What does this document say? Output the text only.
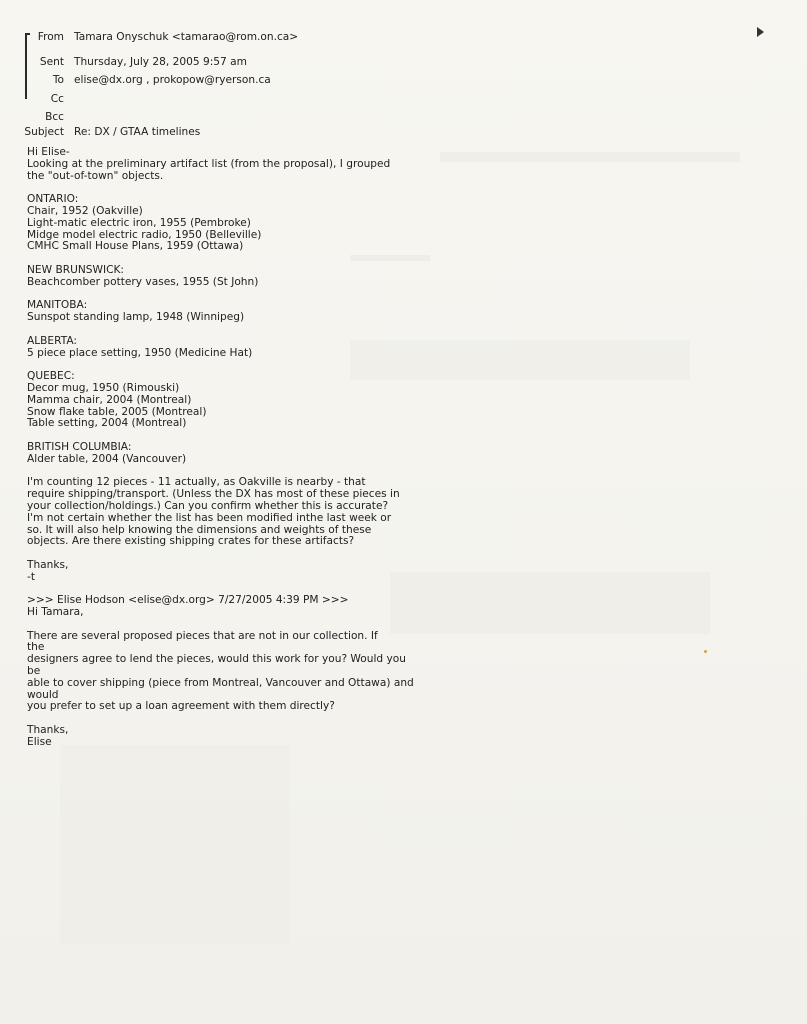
From Tamara Onyschuk <tamarao@rom.on.ca>
Sent Thursday, July 28, 2005 9:57 am
To elise@dx.org , prokopow@ryerson.ca
Cc
Bcc
Subject Re: DX / GTAA timelines
Hi Elise-
Looking at the preliminary artifact list (from the proposal), I grouped
the "out-of-town" objects.
ONTARIO:
Chair, 1952 (Oakville)
Light-matic electric iron, 1955 (Pembroke)
Midge model electric radio, 1950 (Belleville)
CMHC Small House Plans, 1959 (Ottawa)
NEW BRUNSWICK:
Beachcomber pottery vases, 1955 (St John)
MANITOBA:
Sunspot standing lamp, 1948 (Winnipeg)
ALBERTA:
5 piece place setting, 1950 (Medicine Hat)
QUEBEC:
Decor mug, 1950 (Rimouski)
Mamma chair, 2004 (Montreal)
Snow flake table, 2005 (Montreal)
Table setting, 2004 (Montreal)
BRITISH COLUMBIA:
Alder table, 2004 (Vancouver)
I'm counting 12 pieces - 11 actually, as Oakville is nearby - that
require shipping/transport. (Unless the DX has most of these pieces in
your collection/holdings.) Can you confirm whether this is accurate?
I'm not certain whether the list has been modified inthe last week or
so. It will also help knowing the dimensions and weights of these
objects. Are there existing shipping crates for these artifacts?
Thanks,
-t
>>> Elise Hodson <elise@dx.org> 7/27/2005 4:39 PM >>>
Hi Tamara,
There are several proposed pieces that are not in our collection. If
the
designers agree to lend the pieces, would this work for you? Would you
be
able to cover shipping (piece from Montreal, Vancouver and Ottawa) and
would
you prefer to set up a loan agreement with them directly?
Thanks,
Elise
